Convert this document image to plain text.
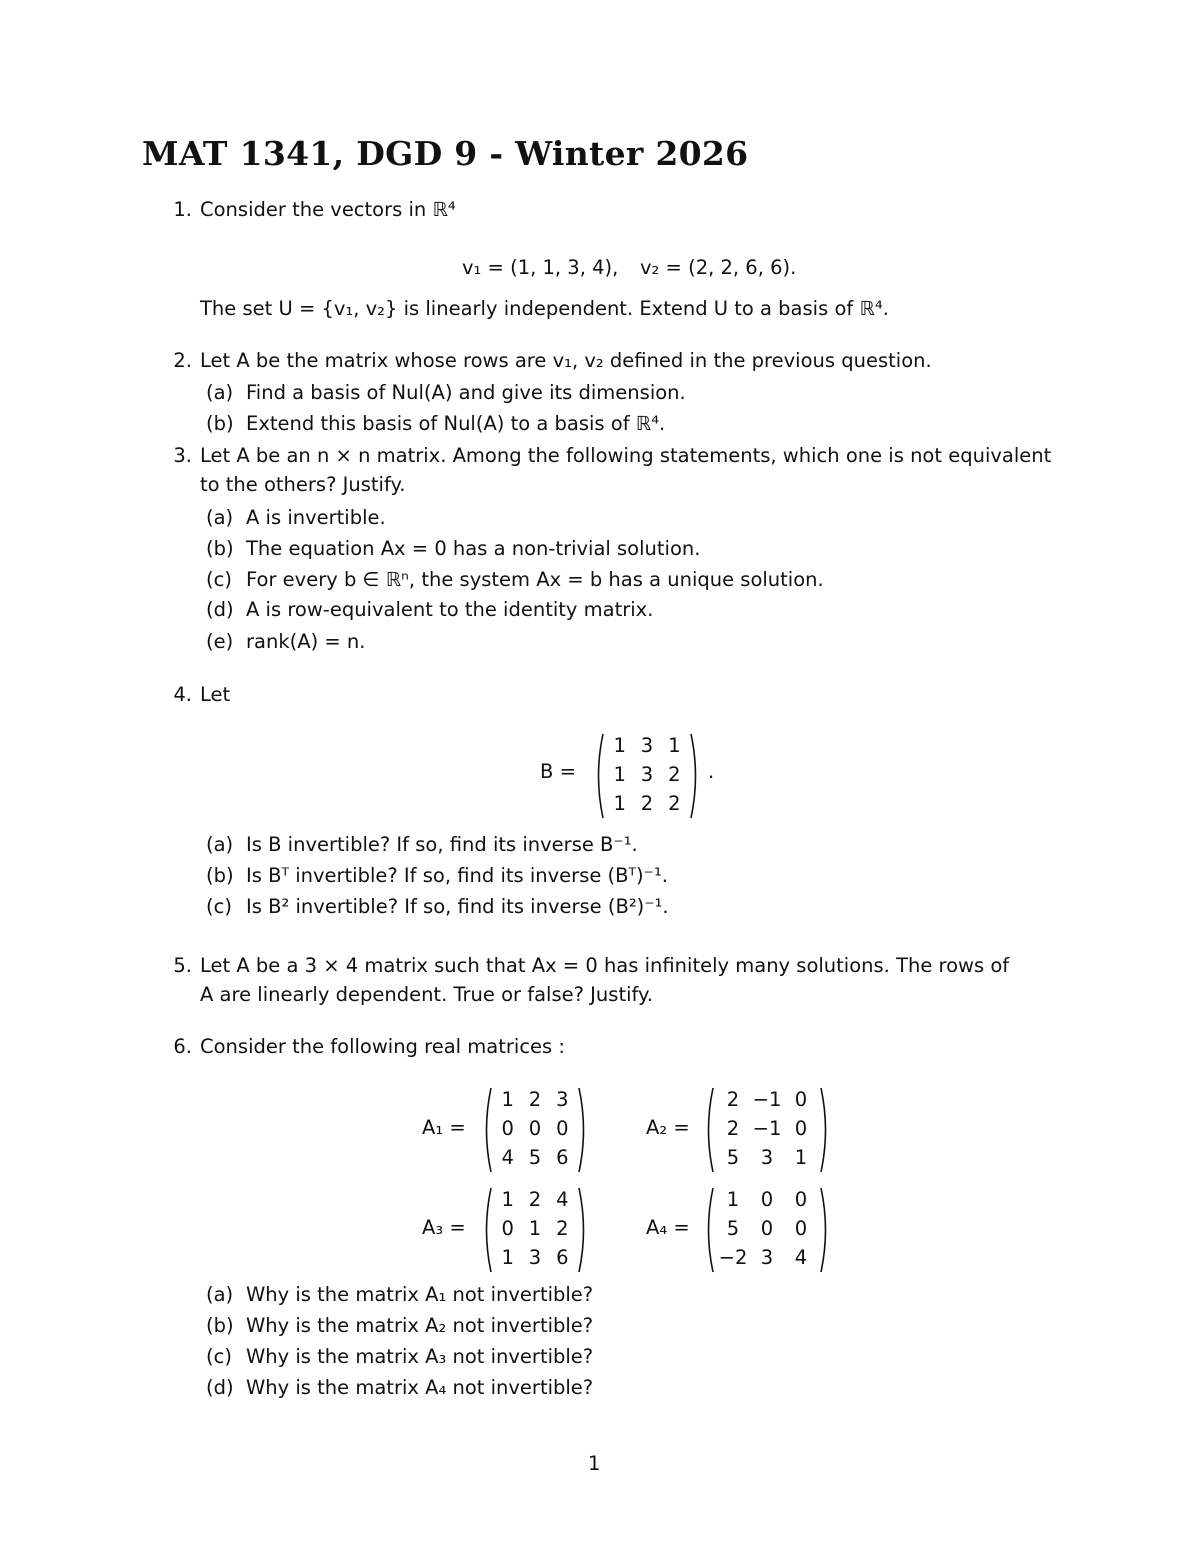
MAT 1341, DGD 9 - Winter 2026
1. Consider the vectors in ℝ⁴
v₁ = (1, 1, 3, 4), v₂ = (2, 2, 6, 6).
The set U = {v₁, v₂} is linearly independent. Extend U to a basis of ℝ⁴.
2. Let A be the matrix whose rows are v₁, v₂ defined in the previous question.
(a) Find a basis of Nul(A) and give its dimension.
(b) Extend this basis of Nul(A) to a basis of ℝ⁴.
3. Let A be an n × n matrix. Among the following statements, which one is not equivalent
to the others? Justify.
(a) A is invertible.
(b) The equation Ax = 0 has a non-trivial solution.
(c) For every b ∈ ℝⁿ, the system Ax = b has a unique solution.
(d) A is row-equivalent to the identity matrix.
(e) rank(A) = n.
4. Let
B =
1 3 1
1 3 2
1 2 2
.
(a) Is B invertible? If so, find its inverse B⁻¹.
(b) Is Bᵀ invertible? If so, find its inverse (Bᵀ)⁻¹.
(c) Is B² invertible? If so, find its inverse (B²)⁻¹.
5. Let A be a 3 × 4 matrix such that Ax = 0 has infinitely many solutions. The rows of
A are linearly dependent. True or false? Justify.
6. Consider the following real matrices :
A₁ =
1 2 3
0 0 0
4 5 6
A₂ =
2 −1 0
2 −1 0
5	3	1
A₃ =
1 2 4
0 1 2
1 3 6
A₄ =
1	0	0
5	0	0
−2 3	4
(a) Why is the matrix A₁ not invertible?
(b) Why is the matrix A₂ not invertible?
(c) Why is the matrix A₃ not invertible?
(d) Why is the matrix A₄ not invertible?
1
